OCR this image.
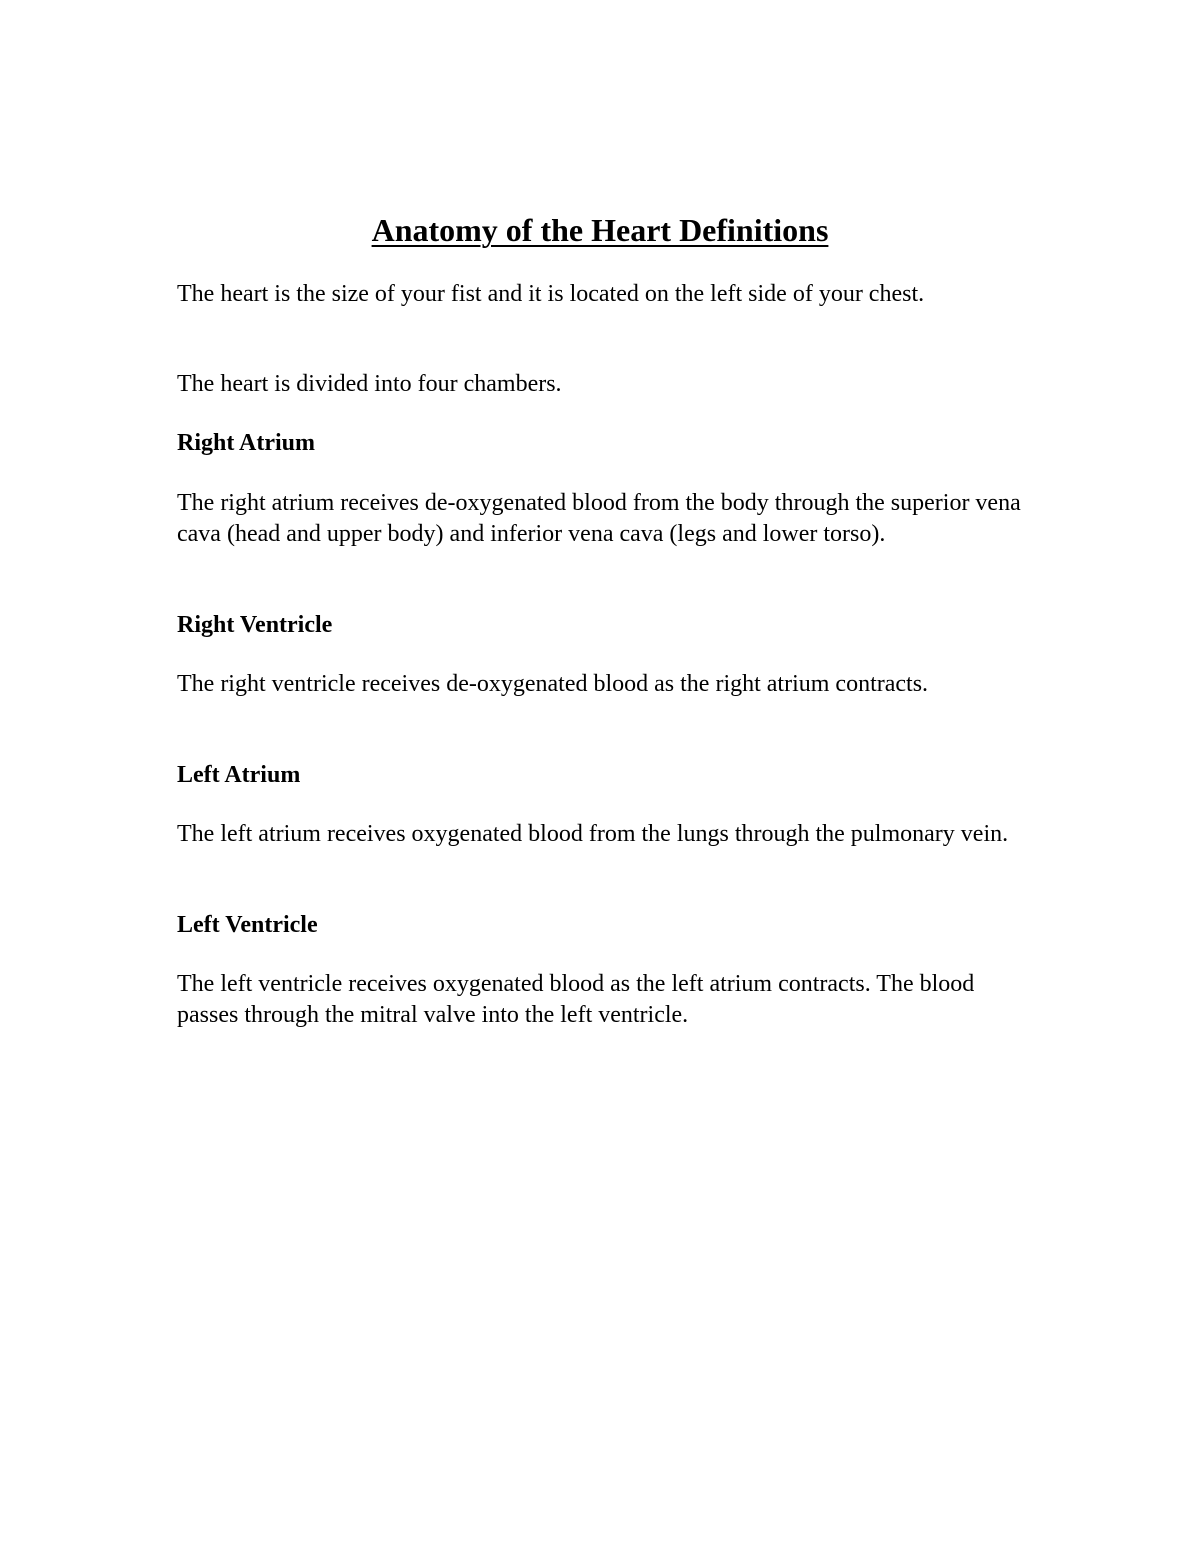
Anatomy of the Heart Definitions

The heart is the size of your fist and it is located on the left side of your chest.

The heart is divided into four chambers.

Right Atrium

The right atrium receives de-oxygenated blood from the body through the superior vena cava (head and upper body) and inferior vena cava (legs and lower torso).

Right Ventricle

The right ventricle receives de-oxygenated blood as the right atrium contracts.

Left Atrium

The left atrium receives oxygenated blood from the lungs through the pulmonary vein.

Left Ventricle

The left ventricle receives oxygenated blood as the left atrium contracts. The blood passes through the mitral valve into the left ventricle.
